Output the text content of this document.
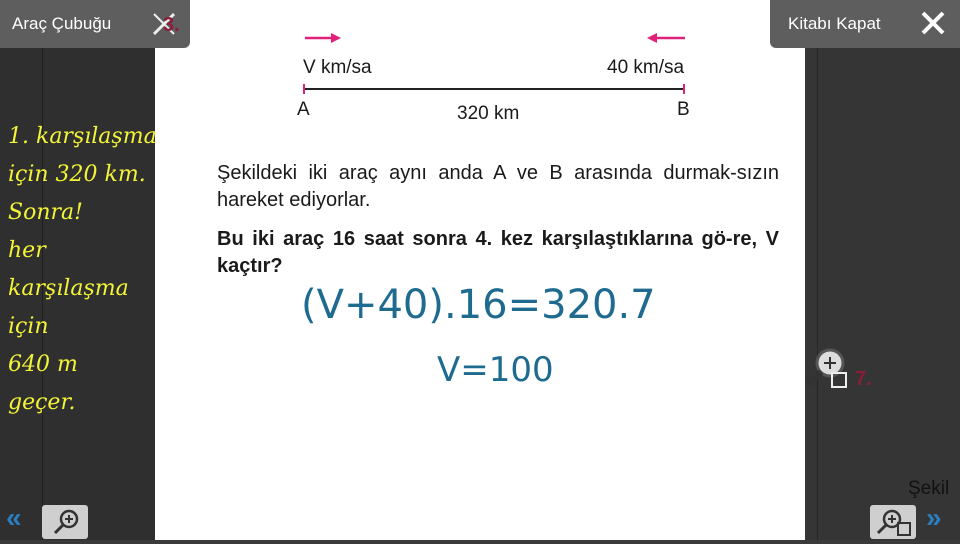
V km/sa	40 km/sa
A	B
320 km
Şekildeki iki araç aynı anda A ve B arasında durmak-sızın hareket ediyorlar.
Bu iki araç 16 saat sonra 4. kez karşılaştıklarına gö-re, V kaçtır?
(V+40).16=320.7
V=100
1. karşılaşma
için 320 km.
Sonra!
her karşılaşma
için
640 m
geçer.
Araç Çubuğu	3.	Kitabı Kapat
7.
«
Şekil
»
